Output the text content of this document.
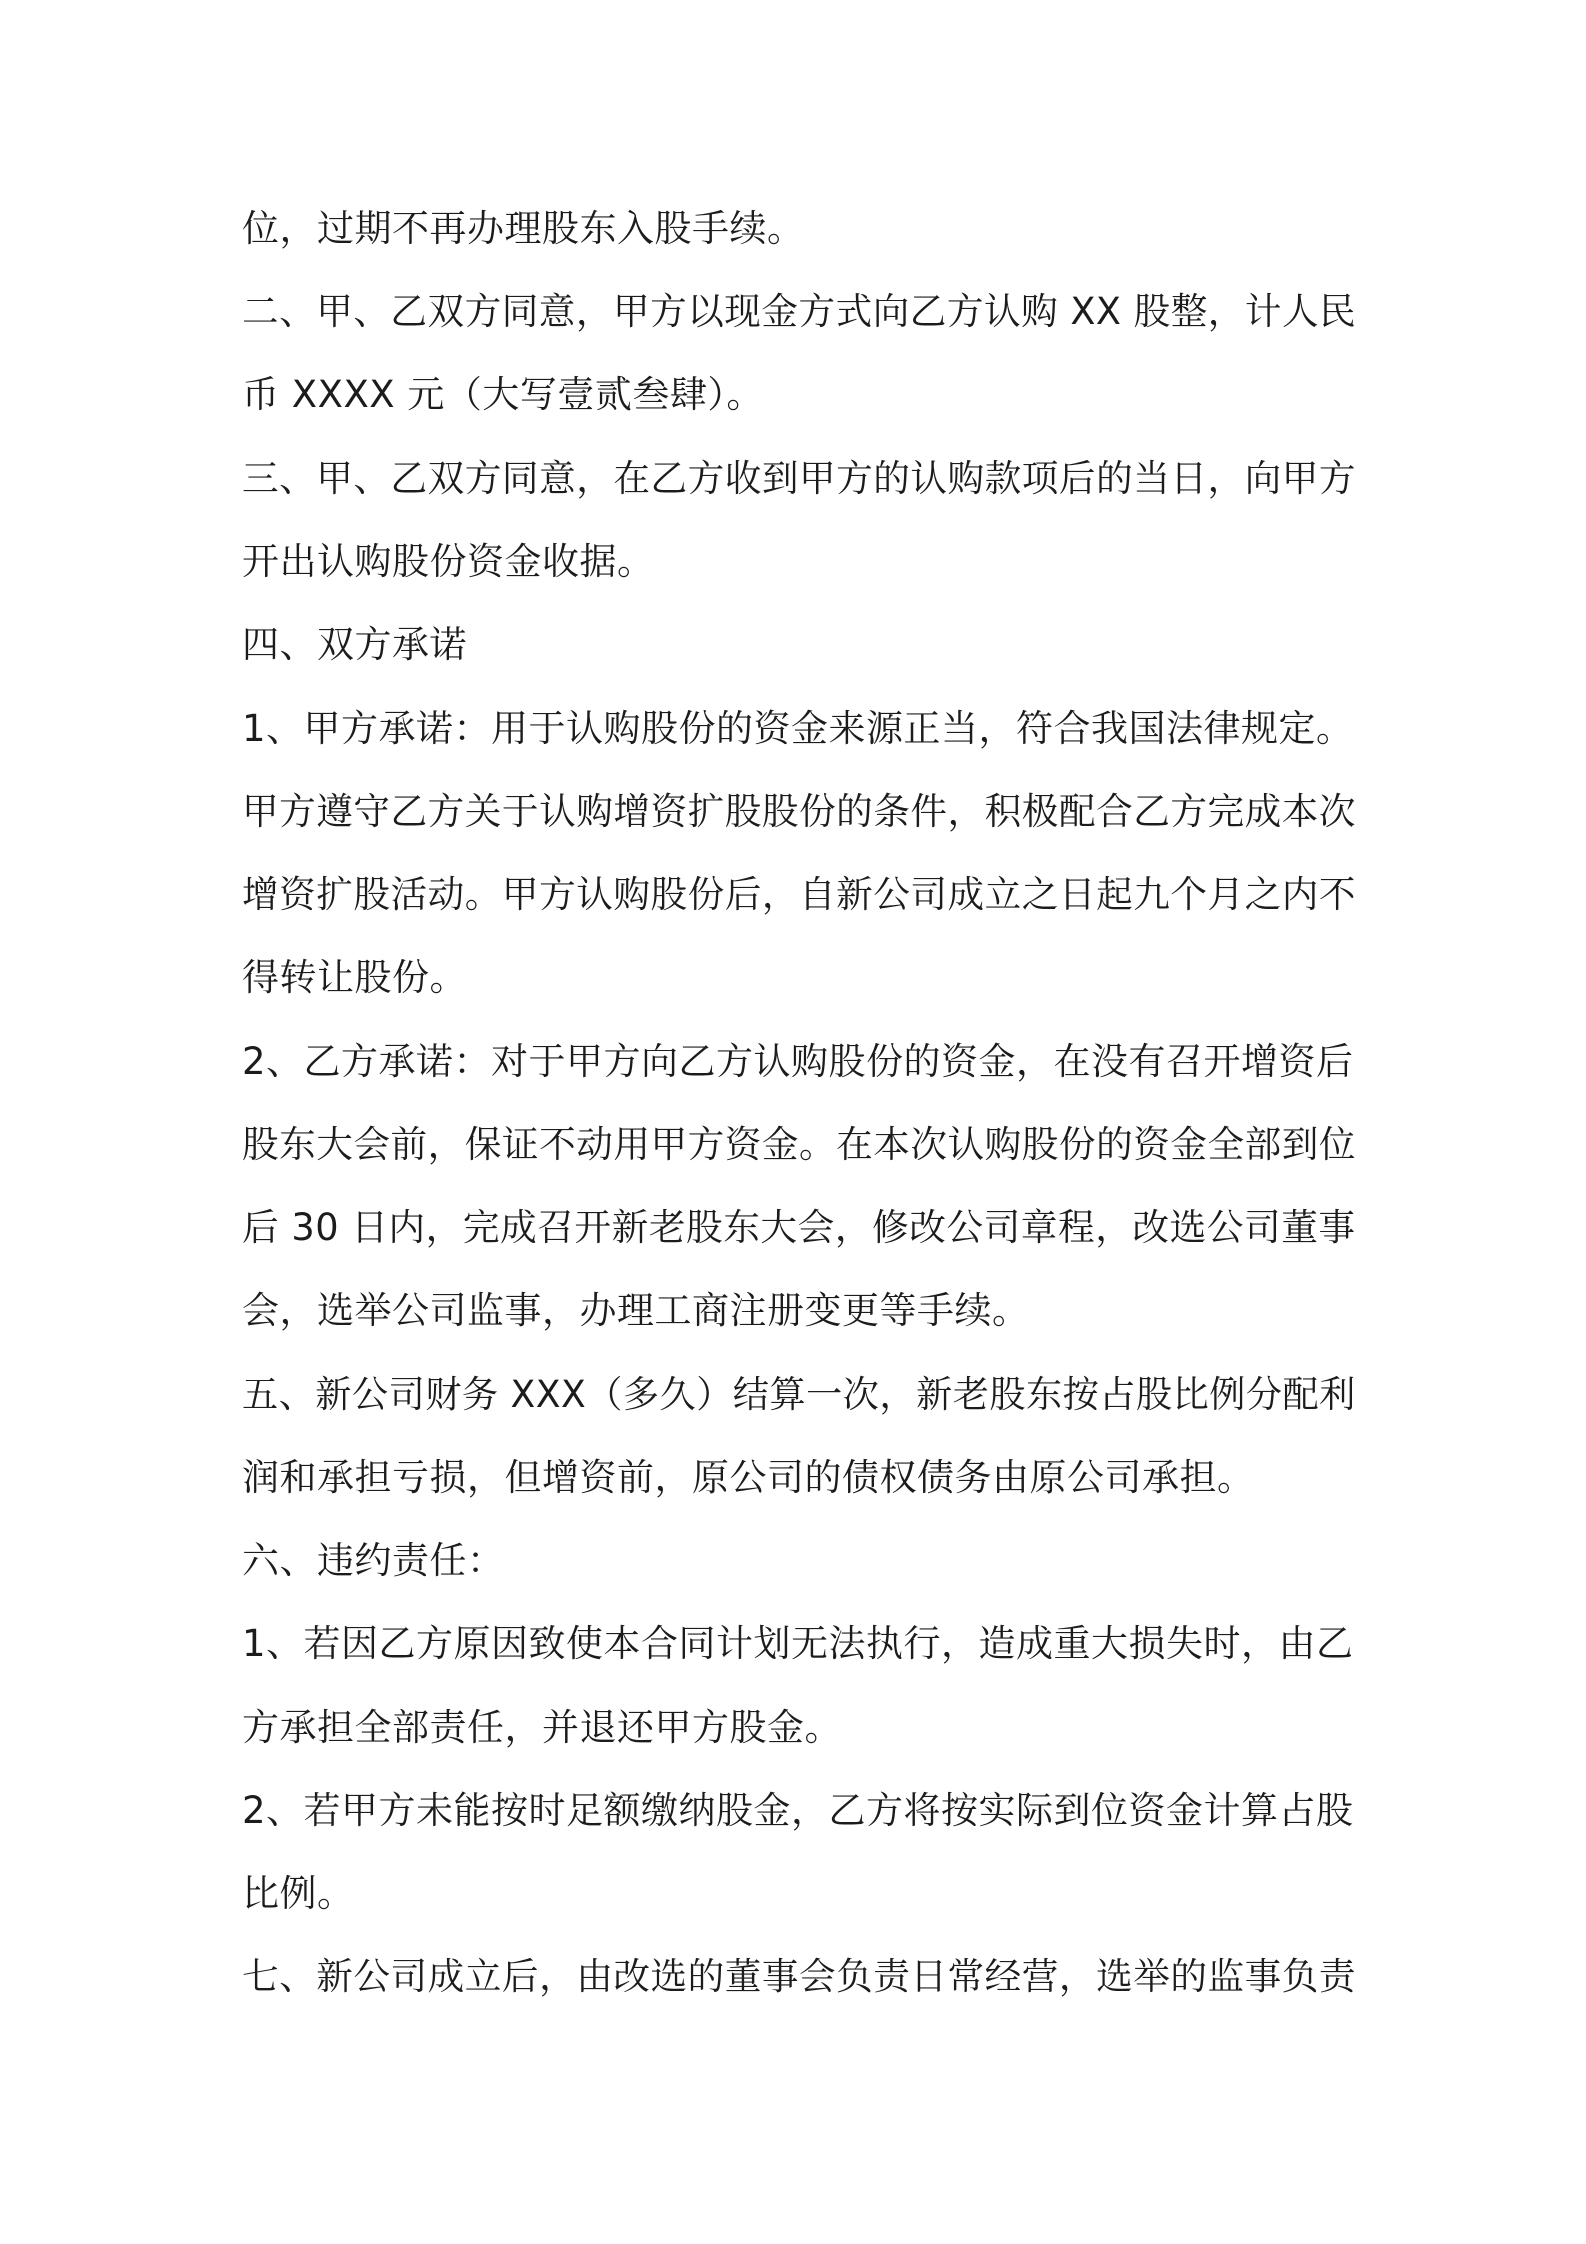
位，过期不再办理股东入股手续。
二、甲、乙双方同意，甲方以现金方式向乙方认购 XX 股整，计人民
币 XXXX 元（大写壹贰叁肆）。
三、甲、乙双方同意，在乙方收到甲方的认购款项后的当日，向甲方
开出认购股份资金收据。
四、双方承诺
1、甲方承诺：用于认购股份的资金来源正当，符合我国法律规定。
甲方遵守乙方关于认购增资扩股股份的条件，积极配合乙方完成本次
增资扩股活动。甲方认购股份后，自新公司成立之日起九个月之内不
得转让股份。
2、乙方承诺：对于甲方向乙方认购股份的资金，在没有召开增资后
股东大会前，保证不动用甲方资金。在本次认购股份的资金全部到位
后 30 日内，完成召开新老股东大会，修改公司章程，改选公司董事
会，选举公司监事，办理工商注册变更等手续。
五、新公司财务 XXX（多久）结算一次，新老股东按占股比例分配利
润和承担亏损，但增资前，原公司的债权债务由原公司承担。
六、违约责任：
1、若因乙方原因致使本合同计划无法执行，造成重大损失时，由乙
方承担全部责任，并退还甲方股金。
2、若甲方未能按时足额缴纳股金，乙方将按实际到位资金计算占股
比例。
七、新公司成立后，由改选的董事会负责日常经营，选举的监事负责
